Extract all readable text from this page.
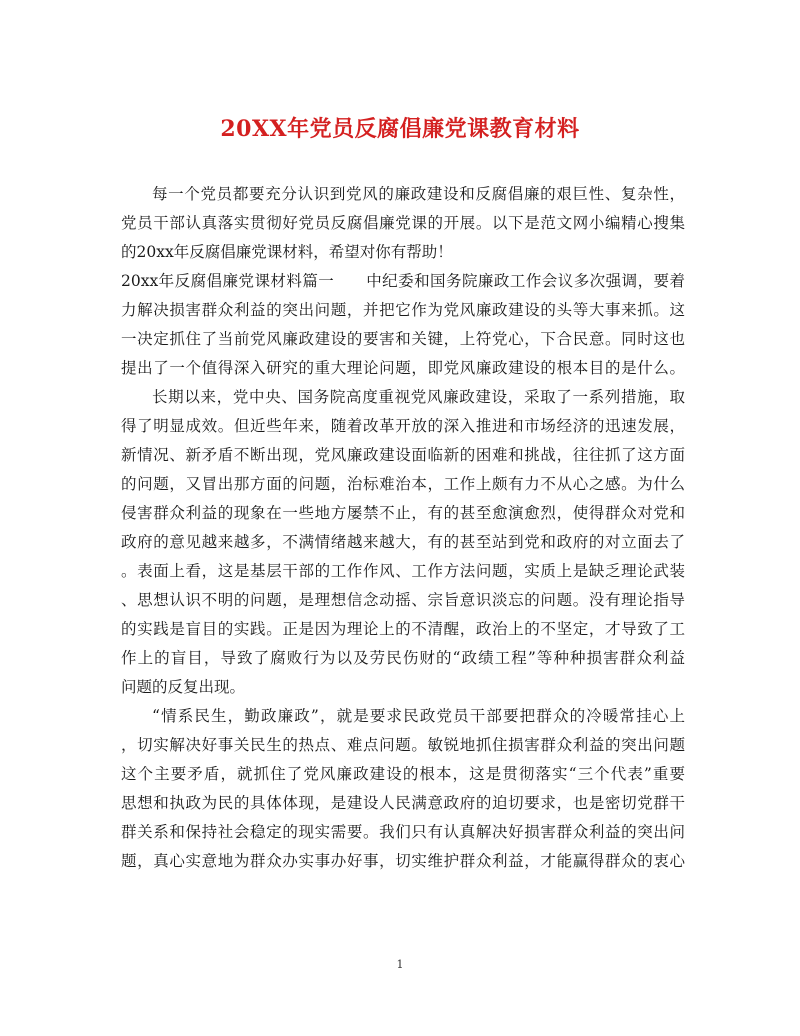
20XX年党员反腐倡廉党课教育材料
每一个党员都要充分认识到党风的廉政建设和反腐倡廉的艰巨性、复杂性，
党员干部认真落实贯彻好党员反腐倡廉党课的开展。以下是范文网小编精心搜集
的20xx年反腐倡廉党课材料，希望对你有帮助！
20xx年反腐倡廉党课材料篇一　　中纪委和国务院廉政工作会议多次强调，要着
力解决损害群众利益的突出问题，并把它作为党风廉政建设的头等大事来抓。这
一决定抓住了当前党风廉政建设的要害和关键，上符党心，下合民意。同时这也
提出了一个值得深入研究的重大理论问题，即党风廉政建设的根本目的是什么。
长期以来，党中央、国务院高度重视党风廉政建设，采取了一系列措施，取
得了明显成效。但近些年来，随着改革开放的深入推进和市场经济的迅速发展，
新情况、新矛盾不断出现，党风廉政建设面临新的困难和挑战，往往抓了这方面
的问题，又冒出那方面的问题，治标难治本，工作上颇有力不从心之感。为什么
侵害群众利益的现象在一些地方屡禁不止，有的甚至愈演愈烈，使得群众对党和
政府的意见越来越多，不满情绪越来越大，有的甚至站到党和政府的对立面去了
。表面上看，这是基层干部的工作作风、工作方法问题，实质上是缺乏理论武装
、思想认识不明的问题，是理想信念动摇、宗旨意识淡忘的问题。没有理论指导
的实践是盲目的实践。正是因为理论上的不清醒，政治上的不坚定，才导致了工
作上的盲目，导致了腐败行为以及劳民伤财的“政绩工程”等种种损害群众利益
问题的反复出现。
“情系民生，勤政廉政”，就是要求民政党员干部要把群众的冷暖常挂心上
，切实解决好事关民生的热点、难点问题。敏锐地抓住损害群众利益的突出问题
这个主要矛盾，就抓住了党风廉政建设的根本，这是贯彻落实“三个代表”重要
思想和执政为民的具体体现，是建设人民满意政府的迫切要求，也是密切党群干
群关系和保持社会稳定的现实需要。我们只有认真解决好损害群众利益的突出问
题，真心实意地为群众办实事办好事，切实维护群众利益，才能赢得群众的衷心
1
